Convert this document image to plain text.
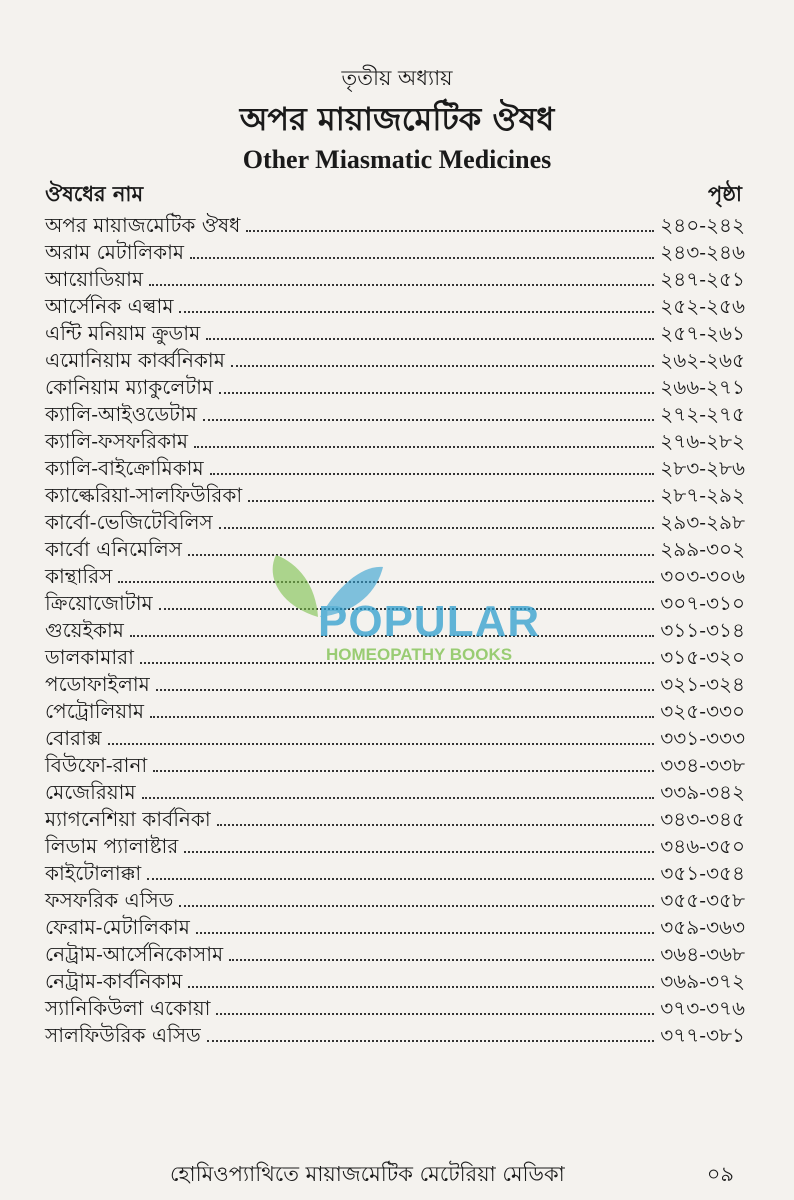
তৃতীয় অধ্যায়
অপর মায়াজমেটিক ঔষধ
Other Miasmatic Medicines
ঔষধের নাম	পৃষ্ঠা
অপর মায়াজমেটিক ঔষধ	২৪০-২৪২
অরাম মেটালিকাম	২৪৩-২৪৬
আয়োডিয়াম	২৪৭-২৫১
আর্সেনিক এল্বাম	২৫২-২৫৬
এন্টি মনিয়াম ক্রুডাম	২৫৭-২৬১
এমোনিয়াম কার্ব্বনিকাম	২৬২-২৬৫
কোনিয়াম ম্যাকুলেটাম	২৬৬-২৭১
ক্যালি-আইওডেটাম	২৭২-২৭৫
ক্যালি-ফসফরিকাম	২৭৬-২৮২
ক্যালি-বাইক্রোমিকাম	২৮৩-২৮৬
ক্যাল্কেরিয়া-সালফিউরিকা	২৮৭-২৯২
কার্বো-ভেজিটেবিলিস	২৯৩-২৯৮
কার্বো এনিমেলিস	২৯৯-৩০২
কান্থারিস	৩০৩-৩০৬
ক্রিয়োজোটাম	৩০৭-৩১০
গুয়েইকাম	৩১১-৩১৪
ডালকামারা	৩১৫-৩২০
পডোফাইলাম	৩২১-৩২৪
পেট্রোলিয়াম	৩২৫-৩৩০
বোরাক্স	৩৩১-৩৩৩
বিউফো-রানা	৩৩৪-৩৩৮
মেজেরিয়াম	৩৩৯-৩৪২
ম্যাগনেশিয়া কার্বনিকা	৩৪৩-৩৪৫
লিডাম প্যালাষ্টার	৩৪৬-৩৫০
কাইটোলাক্কা	৩৫১-৩৫৪
ফসফরিক এসিড	৩৫৫-৩৫৮
ফেরাম-মেটালিকাম	৩৫৯-৩৬৩
নেট্রাম-আর্সেনিকোসাম	৩৬৪-৩৬৮
নেট্রাম-কার্বনিকাম	৩৬৯-৩৭২
স্যানিকিউলা একোয়া	৩৭৩-৩৭৬
সালফিউরিক এসিড	৩৭৭-৩৮১
POPULAR
HOMEOPATHY BOOKS
হোমিওপ্যাথিতে মায়াজমেটিক মেটেরিয়া মেডিকা	০৯
